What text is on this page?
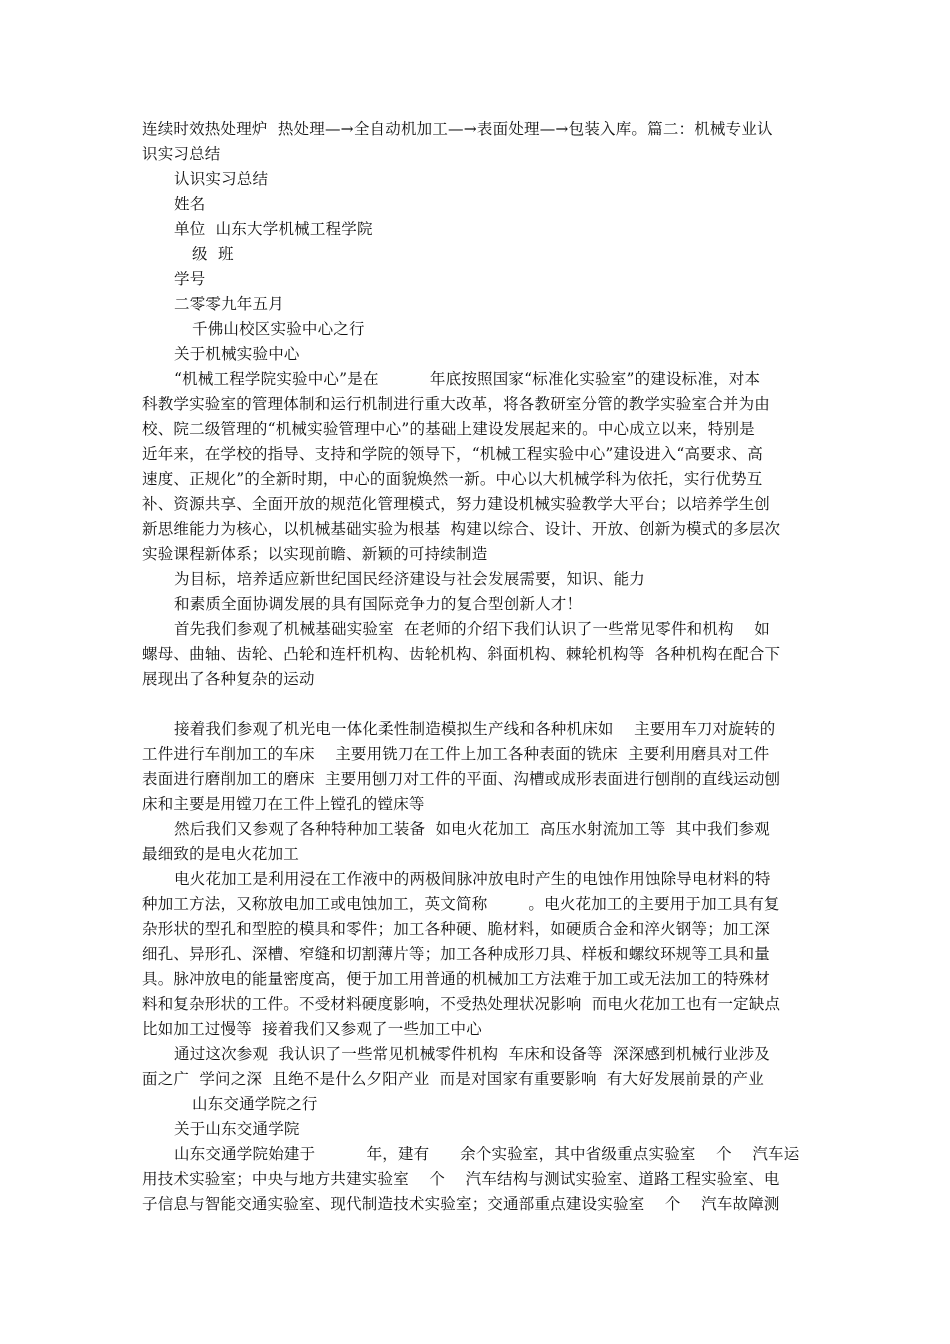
连续时效热处理炉  热处理—→全自动机加工—→表面处理—→包装入库。篇二：机械专业认
识实习总结
认识实习总结
姓名
单位  山东大学机械工程学院
级  班
学号
二零零九年五月
千佛山校区实验中心之行
关于机械实验中心
“机械工程学院实验中心”是在          年底按照国家“标准化实验室”的建设标准，对本
科教学实验室的管理体制和运行机制进行重大改革，将各教研室分管的教学实验室合并为由
校、院二级管理的“机械实验管理中心”的基础上建设发展起来的。中心成立以来，特别是
近年来，在学校的指导、支持和学院的领导下，“机械工程实验中心”建设进入“高要求、高
速度、正规化”的全新时期，中心的面貌焕然一新。中心以大机械学科为依托，实行优势互
补、资源共享、全面开放的规范化管理模式，努力建设机械实验教学大平台；以培养学生创
新思维能力为核心，以机械基础实验为根基  构建以综合、设计、开放、创新为模式的多层次
实验课程新体系；以实现前瞻、新颖的可持续制造
为目标，培养适应新世纪国民经济建设与社会发展需要，知识、能力
和素质全面协调发展的具有国际竞争力的复合型创新人才！
首先我们参观了机械基础实验室  在老师的介绍下我们认识了一些常见零件和机构    如
螺母、曲轴、齿轮、凸轮和连杆机构、齿轮机构、斜面机构、棘轮机构等  各种机构在配合下
展现出了各种复杂的运动
接着我们参观了机光电一体化柔性制造模拟生产线和各种机床如    主要用车刀对旋转的
工件进行车削加工的车床    主要用铣刀在工件上加工各种表面的铣床  主要利用磨具对工件
表面进行磨削加工的磨床  主要用刨刀对工件的平面、沟槽或成形表面进行刨削的直线运动刨
床和主要是用镗刀在工件上镗孔的镗床等
然后我们又参观了各种特种加工装备  如电火花加工  高压水射流加工等  其中我们参观
最细致的是电火花加工
电火花加工是利用浸在工作液中的两极间脉冲放电时产生的电蚀作用蚀除导电材料的特
种加工方法，又称放电加工或电蚀加工，英文简称        。电火花加工的主要用于加工具有复
杂形状的型孔和型腔的模具和零件；加工各种硬、脆材料，如硬质合金和淬火钢等；加工深
细孔、异形孔、深槽、窄缝和切割薄片等；加工各种成形刀具、样板和螺纹环规等工具和量
具。脉冲放电的能量密度高，便于加工用普通的机械加工方法难于加工或无法加工的特殊材
料和复杂形状的工件。不受材料硬度影响，不受热处理状况影响  而电火花加工也有一定缺点
比如加工过慢等  接着我们又参观了一些加工中心
通过这次参观  我认识了一些常见机械零件机构  车床和设备等  深深感到机械行业涉及
面之广  学问之深  且绝不是什么夕阳产业  而是对国家有重要影响  有大好发展前景的产业
山东交通学院之行
关于山东交通学院
山东交通学院始建于          年，建有      余个实验室，其中省级重点实验室    个    汽车运
用技术实验室；中央与地方共建实验室    个    汽车结构与测试实验室、道路工程实验室、电
子信息与智能交通实验室、现代制造技术实验室；交通部重点建设实验室    个    汽车故障测
